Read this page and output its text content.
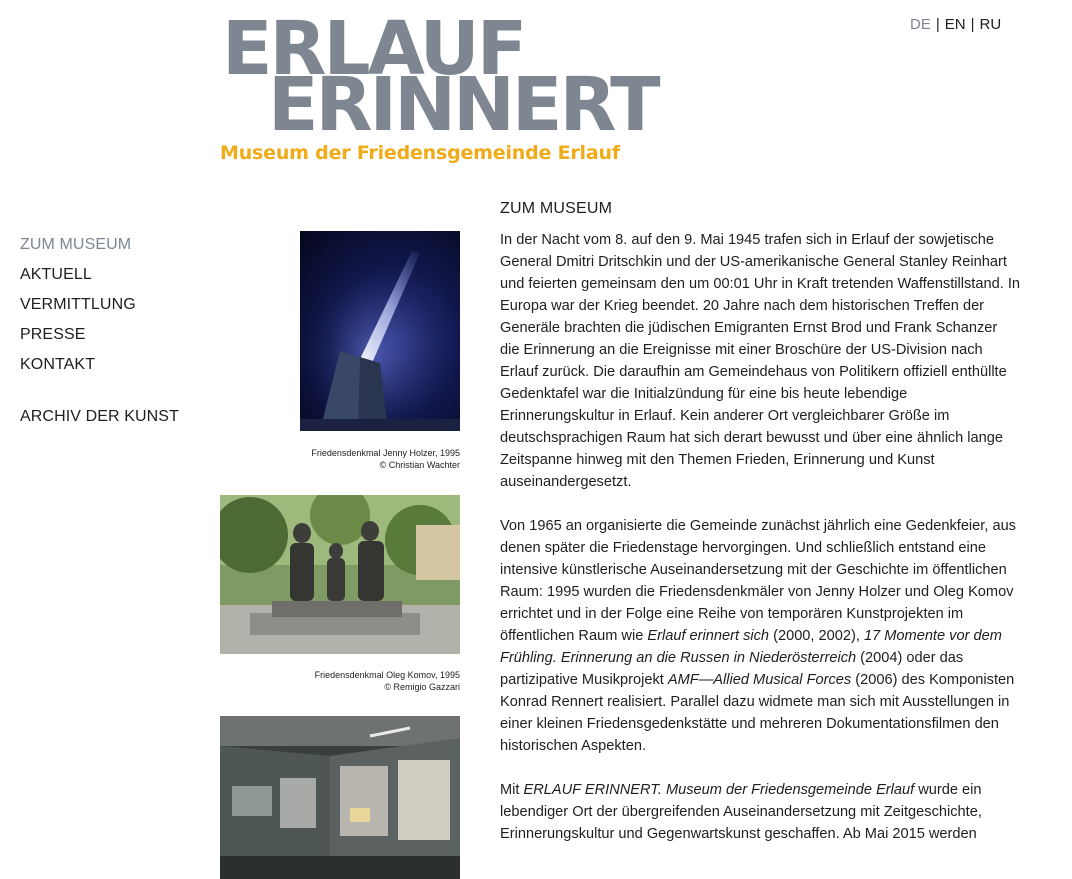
ERLAUF
ERINNERT
Museum der Friedensgemeinde Erlauf
DE | EN | RU
ZUM MUSEUM
AKTUELL
VERMITTLUNG
PRESSE
KONTAKT
ARCHIV DER KUNST
Friedensdenkmal Jenny Holzer, 1995
© Christian Wachter
Friedensdenkmal Oleg Komov, 1995
© Remigio Gazzari
ZUM MUSEUM

In der Nacht vom 8. auf den 9. Mai 1945 trafen sich in Erlauf der sowjetische General Dmitri Dritschkin und der US-amerikanische General Stanley Reinhart und feierten gemeinsam den um 00:01 Uhr in Kraft tretenden Waffenstillstand. In Europa war der Krieg beendet. 20 Jahre nach dem historischen Treffen der Generäle brachten die jüdischen Emigranten Ernst Brod und Frank Schanzer die Erinnerung an die Ereignisse mit einer Broschüre der US-Division nach Erlauf zurück. Die daraufhin am Gemeindehaus von Politikern offiziell enthüllte Gedenktafel war die Initialzündung für eine bis heute lebendige Erinnerungskultur in Erlauf. Kein anderer Ort vergleichbarer Größe im deutschsprachigen Raum hat sich derart bewusst und über eine ähnlich lange Zeitspanne hinweg mit den Themen Frieden, Erinnerung und Kunst auseinandergesetzt.

Von 1965 an organisierte die Gemeinde zunächst jährlich eine Gedenkfeier, aus denen später die Friedenstage hervorgingen. Und schließlich entstand eine intensive künstlerische Auseinandersetzung mit der Geschichte im öffentlichen Raum: 1995 wurden die Friedensdenkmäler von Jenny Holzer und Oleg Komov errichtet und in der Folge eine Reihe von temporären Kunstprojekten im öffentlichen Raum wie Erlauf erinnert sich (2000, 2002), 17 Momente vor dem Frühling. Erinnerung an die Russen in Niederösterreich (2004) oder das partizipative Musikprojekt AMF—Allied Musical Forces (2006) des Komponisten Konrad Rennert realisiert. Parallel dazu widmete man sich mit Ausstellungen in einer kleinen Friedensgedenkstätte und mehreren Dokumentationsfilmen den historischen Aspekten.

Mit ERLAUF ERINNERT. Museum der Friedensgemeinde Erlauf wurde ein lebendiger Ort der übergreifenden Auseinandersetzung mit Zeitgeschichte, Erinnerungskultur und Gegenwartskunst geschaffen. Ab Mai 2015 werden
